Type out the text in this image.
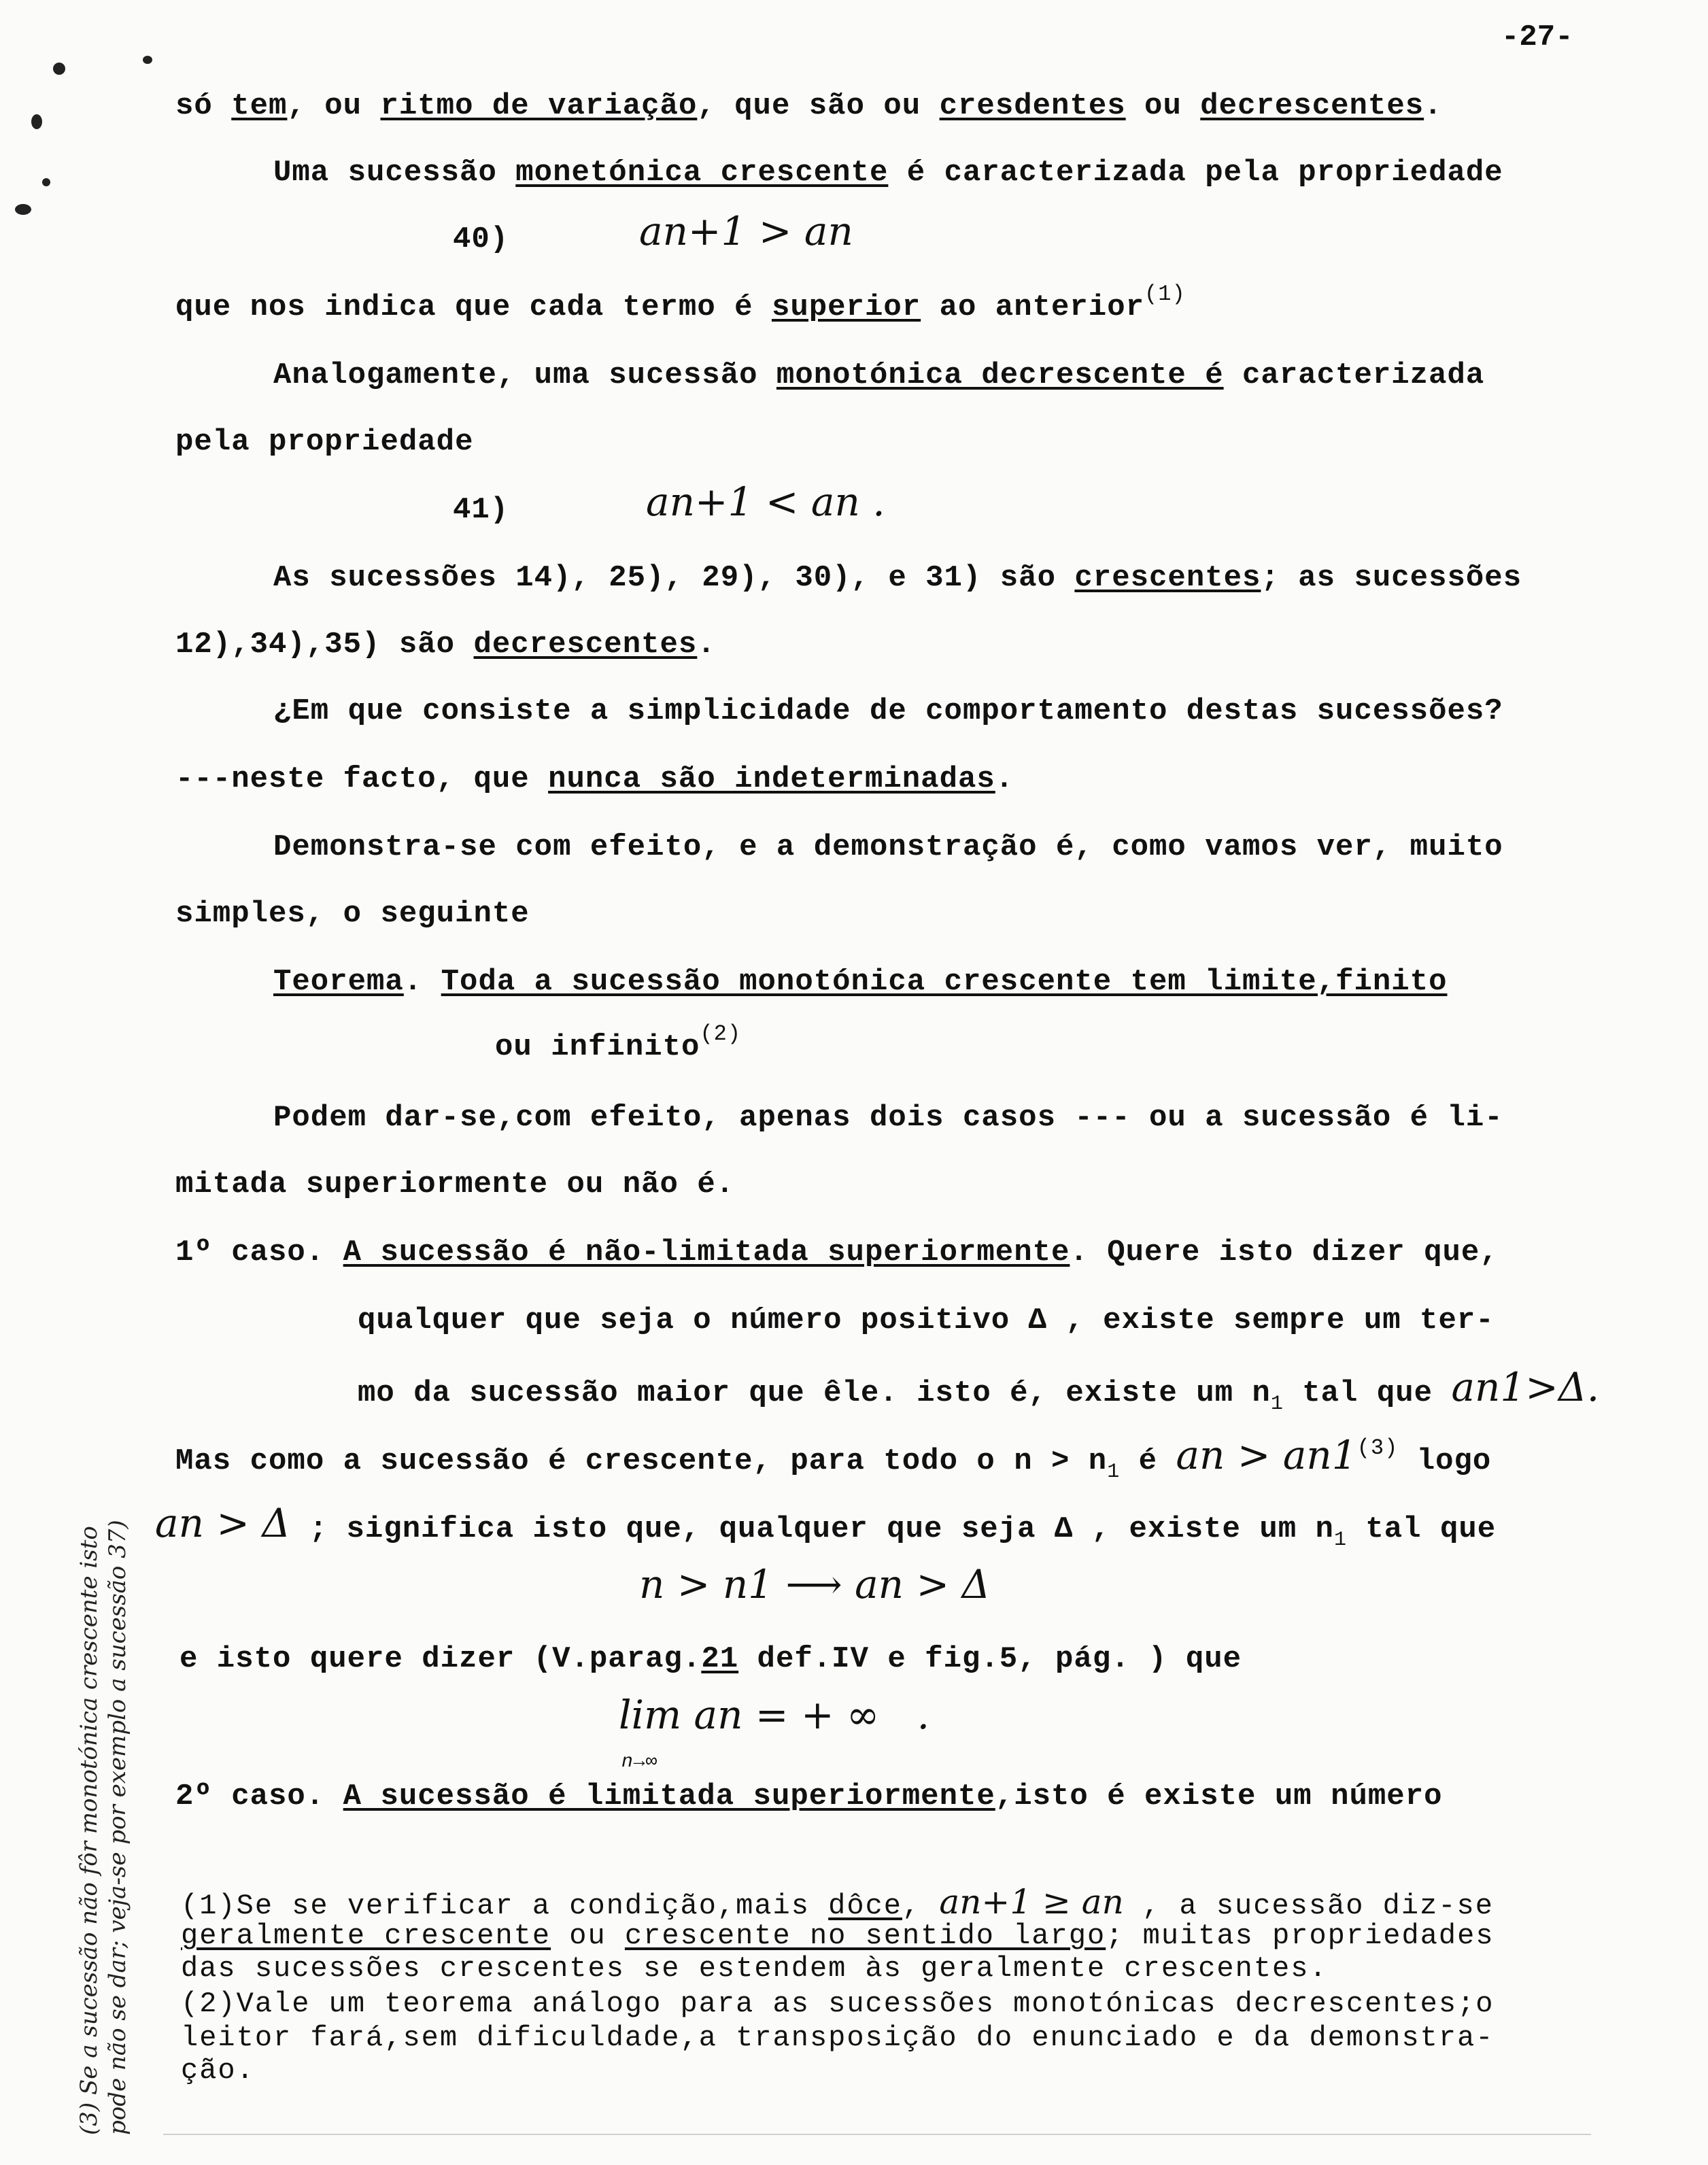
-27-
só tem, ou ritmo de variação, que são ou cresdentes ou decrescentes.
Uma sucessão monetónica crescente é caracterizada pela propriedade
40)	an+1 > an
que nos indica que cada termo é superior ao anterior$^{(1)}$
Analogamente, uma sucessão monotónica decrescente é caracterizada
pela propriedade
41)	an+1 < an .
As sucessões 14), 25), 29), 30), e 31) são crescentes; as sucessões
12),34),35) são decrescentes.
¿Em que consiste a simplicidade de comportamento destas sucessões?
---neste facto, que nunca são indeterminadas.
Demonstra-se com efeito, e a demonstração é, como vamos ver, muito
simples, o seguinte
Teorema. Toda a sucessão monotónica crescente tem limite,finito
ou infinito$^{(2)}$
Podem dar-se,com efeito, apenas dois casos --- ou a sucessão é li-
mitada superiormente ou não é.
1º caso. A sucessão é não-limitada superiormente. Quere isto dizer que,
qualquer que seja o número positivo Δ , existe sempre um ter-
mo da sucessão maior que êle. isto é, existe um $n_1$ tal que an1>Δ.
Mas como a sucessão é crescente, para todo o $n > n_1$ é an > $an1^{(3)}$ logo
an > Δ ; significa isto que, qualquer que seja Δ , existe um $n_1$ tal que
n > n1 ⟶ an > Δ
e isto quere dizer (V.parag.21 def.IV e fig.5, pág. ) que
lim an = + ∞ .
n→∞
2º caso. A sucessão é limitada superiormente,isto é existe um número
(1)Se se verificar a condição,mais dôce, an+1 ≥ an , a sucessão diz-se
geralmente crescente ou crescente no sentido largo; muitas propriedades
das sucessões crescentes se estendem às geralmente crescentes.
(2)Vale um teorema análogo para as sucessões monotónicas decrescentes;o
leitor fará,sem dificuldade,a transposição do enunciado e da demonstra-
ção.
(3) Se a sucessão não fôr monotónica crescente isto pode não se dar; veja-se por exemplo a sucessão 37)
